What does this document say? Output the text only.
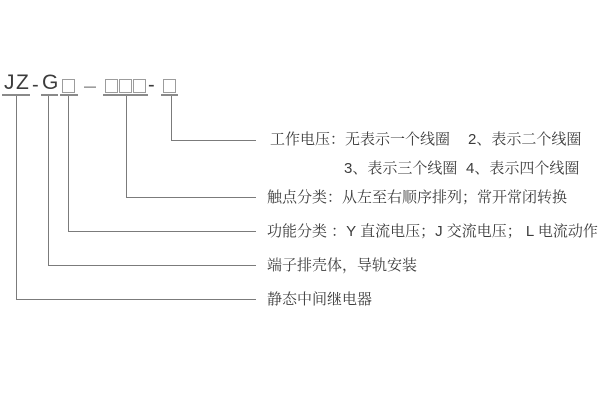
JZ - G —	-
工作电压：无表示一个线圈 2、表示二个线圈
3、表示三个线圈 4、表示四个线圈
触点分类：从左至右顺序排列；常开常闭转换
功能分类 ：Y 直流电压；J 交流电压； L 电流动作
端子排壳体，导轨安装
静态中间继电器
